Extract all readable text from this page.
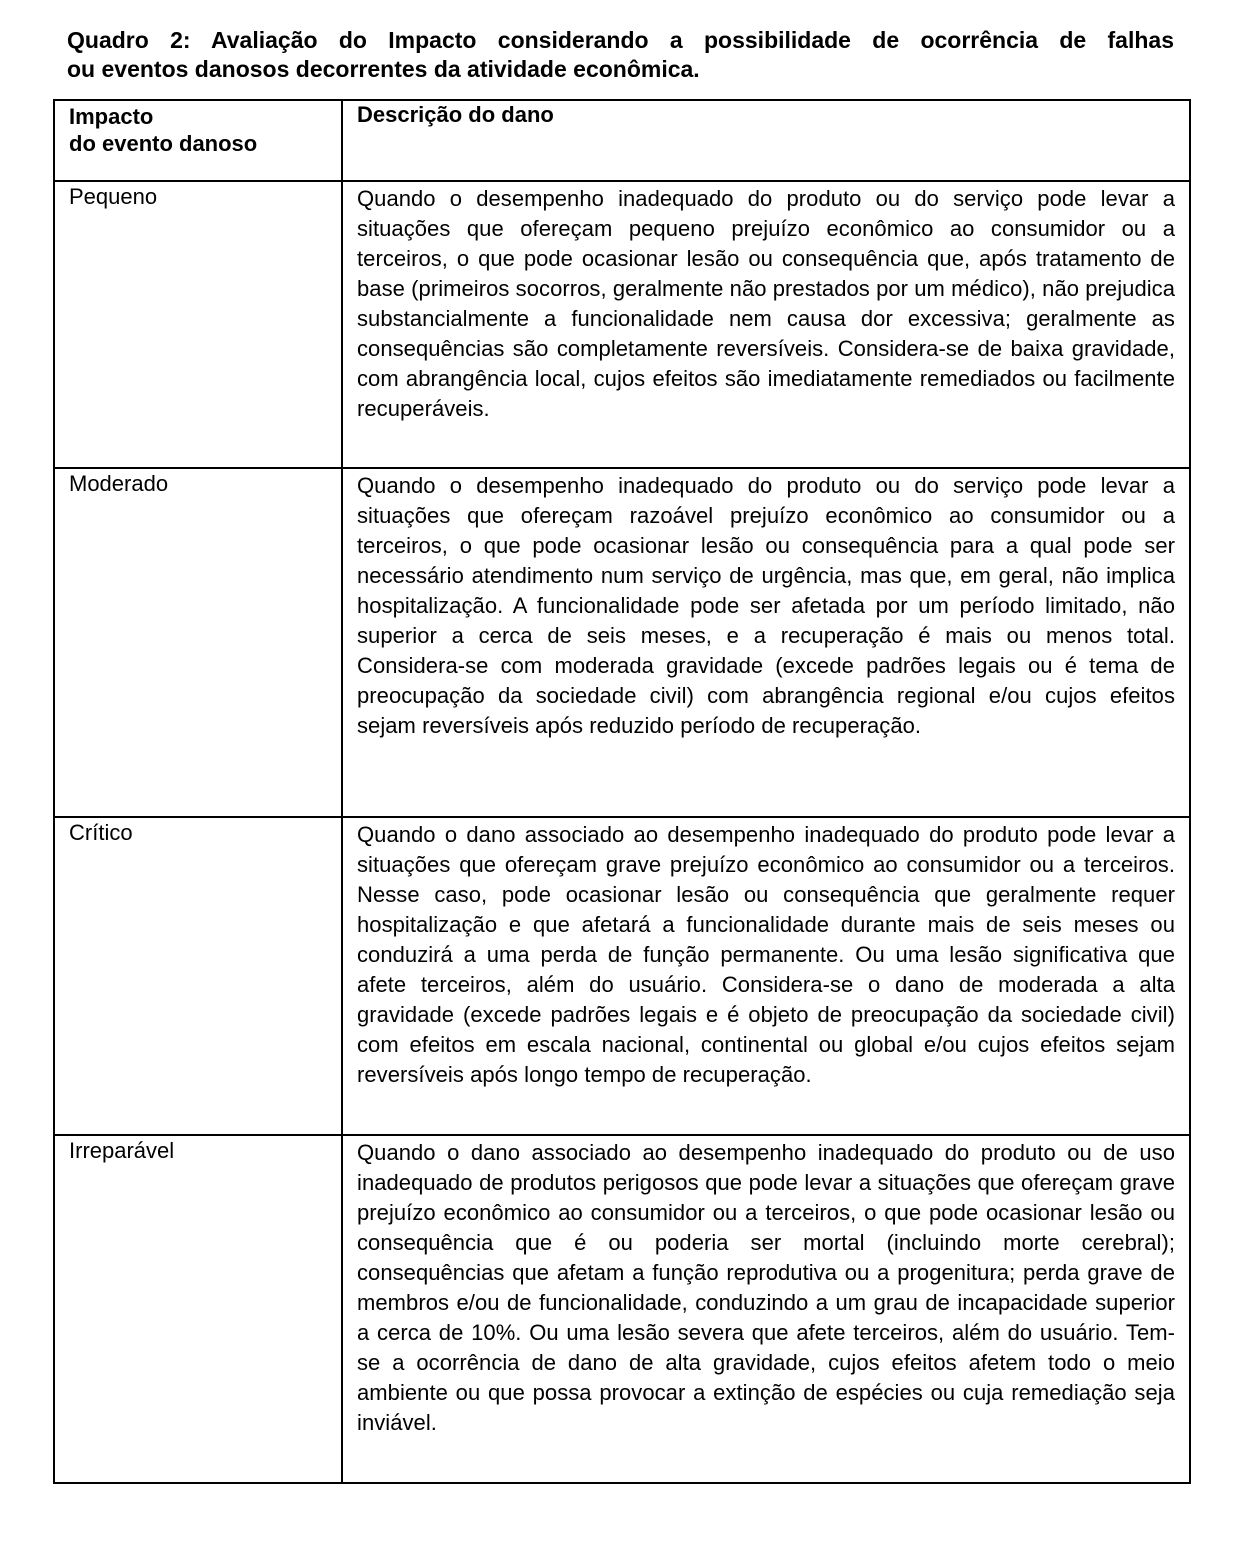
Quadro 2: Avaliação do Impacto considerando a possibilidade de ocorrência de falhas
ou eventos danosos decorrentes da atividade econômica.

Impacto
do evento danoso	Descrição do dano

Pequeno	Quando o desempenho inadequado do produto ou do serviço pode levar a situações que ofereçam pequeno prejuízo econômico ao consumidor ou a terceiros, o que pode ocasionar lesão ou consequência que, após tratamento de base (primeiros socorros, geralmente não prestados por um médico), não prejudica substancialmente a funcionalidade nem causa dor excessiva; geralmente as consequências são completamente reversíveis. Considera-se de baixa gravidade, com abrangência local, cujos efeitos são imediatamente remediados ou facilmente recuperáveis.

Moderado	Quando o desempenho inadequado do produto ou do serviço pode levar a situações que ofereçam razoável prejuízo econômico ao consumidor ou a terceiros, o que pode ocasionar lesão ou consequência para a qual pode ser necessário atendimento num serviço de urgência, mas que, em geral, não implica hospitalização. A funcionalidade pode ser afetada por um período limitado, não superior a cerca de seis meses, e a recuperação é mais ou menos total. Considera-se com moderada gravidade (excede padrões legais ou é tema de preocupação da sociedade civil) com abrangência regional e/ou cujos efeitos sejam reversíveis após reduzido período de recuperação.

Crítico	Quando o dano associado ao desempenho inadequado do produto pode levar a situações que ofereçam grave prejuízo econômico ao consumidor ou a terceiros. Nesse caso, pode ocasionar lesão ou consequência que geralmente requer hospitalização e que afetará a funcionalidade durante mais de seis meses ou conduzirá a uma perda de função permanente. Ou uma lesão significativa que afete terceiros, além do usuário. Considera-se o dano de moderada a alta gravidade (excede padrões legais e é objeto de preocupação da sociedade civil) com efeitos em escala nacional, continental ou global e/ou cujos efeitos sejam reversíveis após longo tempo de recuperação.

Irreparável	Quando o dano associado ao desempenho inadequado do produto ou de uso inadequado de produtos perigosos que pode levar a situações que ofereçam grave prejuízo econômico ao consumidor ou a terceiros, o que pode ocasionar lesão ou consequência que é ou poderia ser mortal (incluindo morte cerebral); consequências que afetam a função reprodutiva ou a progenitura; perda grave de membros e/ou de funcionalidade, conduzindo a um grau de incapacidade superior a cerca de 10%. Ou uma lesão severa que afete terceiros, além do usuário. Tem-se a ocorrência de dano de alta gravidade, cujos efeitos afetem todo o meio ambiente ou que possa provocar a extinção de espécies ou cuja remediação seja inviável.
